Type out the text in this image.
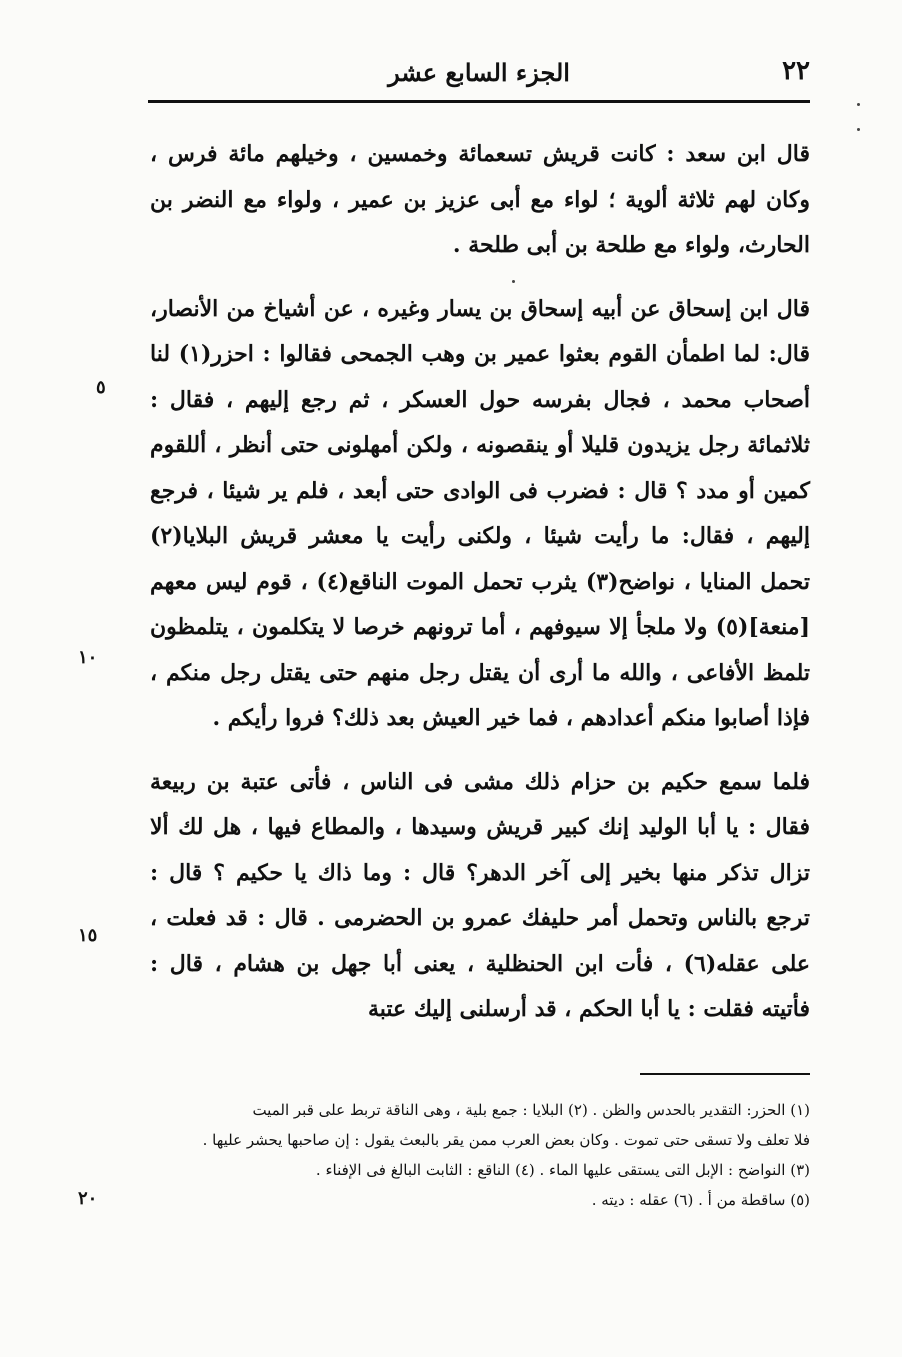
٢٢
الجزء السابع عشر

قال ابن سعد : كانت قريش تسعمائة وخمسين ، وخيلهم مائة فرس ، وكان لهم ثلاثة ألوية ؛ لواء مع أبى عزيز بن عمير ، ولواء مع النضر بن الحارث، ولواء مع طلحة بن أبى طلحة .

قال ابن إسحاق عن أبيه إسحاق بن يسار وغيره ، عن أشياخ من الأنصار، قال: لما اطمأن القوم بعثوا عمير بن وهب الجمحى فقالوا : احزر(١) لنا أصحاب محمد ، فجال بفرسه حول العسكر ، ثم رجع إليهم ، فقال : ثلاثمائة رجل يزيدون قليلا أو ينقصونه ، ولكن أمهلونى حتى أنظر ، أللقوم كمين أو مدد ؟ قال : فضرب فى الوادى حتى أبعد ، فلم ير شيئا ، فرجع إليهم ، فقال: ما رأيت شيئا ، ولكنى رأيت يا معشر قريش البلايا(٢) تحمل المنايا ، نواضح(٣) يثرب تحمل الموت الناقع(٤) ، قوم ليس معهم [منعة](٥) ولا ملجأ إلا سيوفهم ، أما ترونهم خرصا لا يتكلمون ، يتلمظون تلمظ الأفاعى ، والله ما أرى أن يقتل رجل منهم حتى يقتل رجل منكم ، فإذا أصابوا منكم أعدادهم ، فما خير العيش بعد ذلك؟ فروا رأيكم .

فلما سمع حكيم بن حزام ذلك مشى فى الناس ، فأتى عتبة بن ربيعة فقال : يا أبا الوليد إنك كبير قريش وسيدها ، والمطاع فيها ، هل لك ألا تزال تذكر منها بخير إلى آخر الدهر؟ قال : وما ذاك يا حكيم ؟ قال : ترجع بالناس وتحمل أمر حليفك عمرو بن الحضرمى . قال : قد فعلت ، على عقله(٦) ، فأت ابن الحنظلية ، يعنى أبا جهل بن هشام ، قال : فأتيته فقلت : يا أبا الحكم ، قد أرسلنى إليك عتبة

٥
١٠
١٥
٢٠
(١) الحزر: التقدير بالحدس والظن . (٢) البلايا : جمع بلية ، وهى الناقة تربط على قبر الميت
فلا تعلف ولا تسقى حتى تموت . وكان بعض العرب ممن يقر بالبعث يقول : إن صاحبها يحشر عليها .
(٣) النواضح : الإبل التى يستقى عليها الماء . (٤) الناقع : الثابت البالغ فى الإفناء .
(٥) ساقطة من أ . (٦) عقله : ديته .
